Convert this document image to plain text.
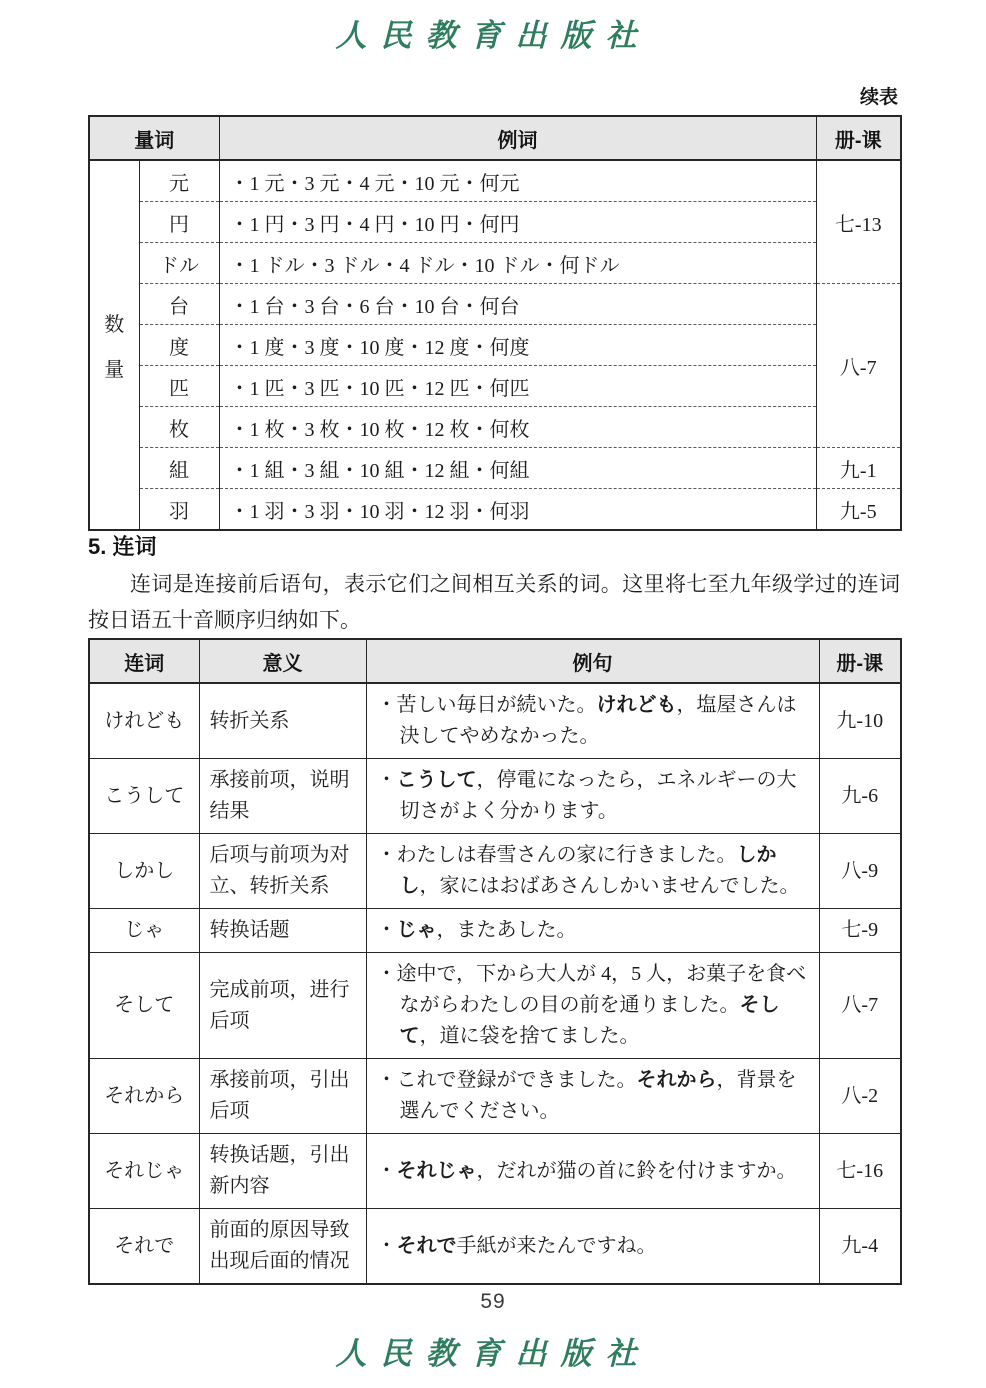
人民教育出版社
续表
量词		例词	册-课

数
量	元	・1 元・3 元・4 元・10 元・何元	七-13
	円	・1 円・3 円・4 円・10 円・何円	
	ドル	・1 ドル・3 ドル・4 ドル・10 ドル・何ドル	
	台	・1 台・3 台・6 台・10 台・何台	八-7
	度	・1 度・3 度・10 度・12 度・何度	
	匹	・1 匹・3 匹・10 匹・12 匹・何匹	
	枚	・1 枚・3 枚・10 枚・12 枚・何枚	
	組	・1 組・3 組・10 組・12 組・何組	九-1
	羽	・1 羽・3 羽・10 羽・12 羽・何羽	九-5
5. 连词

连词是连接前后语句，表示它们之间相互关系的词。这里将七至九年级学过的连词按日语五十音顺序归纳如下。

连词	意义	例句	册-课
けれども	转折关系	・苦しい毎日が続いた。けれども，塩屋さんは決してやめなかった。	九-10
こうして	承接前项，说明结果	・こうして，停電になったら，エネルギーの大切さがよく分かります。	九-6
しかし	后项与前项为对立、转折关系	・わたしは春雪さんの家に行きました。しかし，家にはおばあさんしかいませんでした。	八-9
じゃ	转换话题	・じゃ，またあした。	七-9
そして	完成前项，进行后项	・途中で，下から大人が 4，5 人，お菓子を食べながらわたしの目の前を通りました。そして，道に袋を捨てました。	八-7
それから	承接前项，引出后项	・これで登録ができました。それから，背景を選んでください。	八-2
それじゃ	转换话题，引出新内容	・それじゃ，だれが猫の首に鈴を付けますか。	七-16
それで	前面的原因导致出现后面的情况	・それで手紙が来たんですね。	九-4
59
人民教育出版社
